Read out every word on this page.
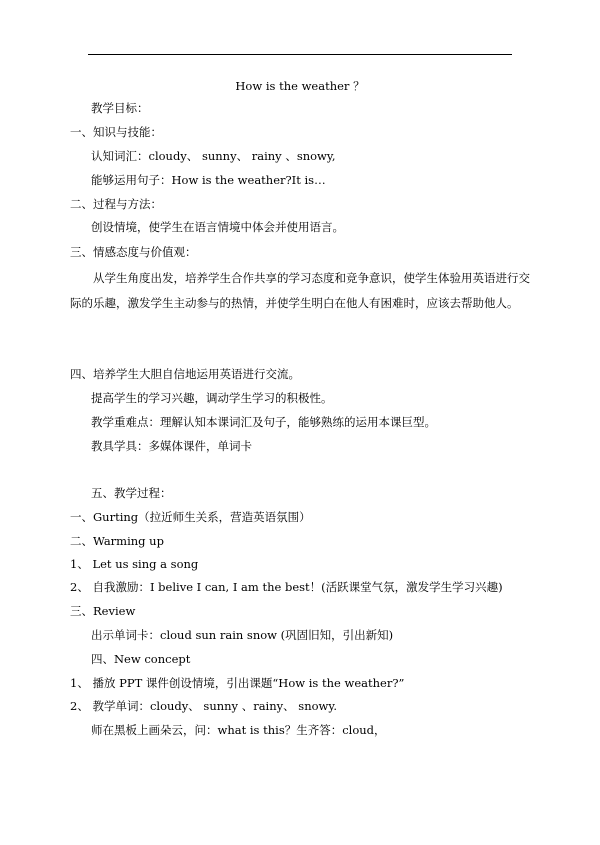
How is the weather ？
教学目标：
一、知识与技能：
认知词汇：cloudy、 sunny、 rainy 、snowy,
能够运用句子：How is the weather?It is…
二、过程与方法：
创设情境，使学生在语言情境中体会并使用语言。
三、情感态度与价值观：
从学生角度出发，培养学生合作共享的学习态度和竞争意识，使学生体验用英语进行交际的乐趣，激发学生主动参与的热情，并使学生明白在他人有困难时，应该去帮助他人。
四、培养学生大胆自信地运用英语进行交流。
提高学生的学习兴趣，调动学生学习的积极性。
教学重难点：理解认知本课词汇及句子，能够熟练的运用本课巨型。
教具学具：多媒体课件，单词卡
五、教学过程：
一、Gurting（拉近师生关系，营造英语氛围）
二、Warming up
1、 Let us sing a song
2、 自我激励：I belive I can, I am the best！(活跃课堂气氛，激发学生学习兴趣)
三、Review
出示单词卡：cloud sun rain snow (巩固旧知，引出新知)
四、New concept
1、 播放 PPT 课件创设情境，引出课题“How is the weather?”
2、 教学单词：cloudy、 sunny 、rainy、 snowy.
师在黑板上画朵云，问：what is this？生齐答：cloud，
